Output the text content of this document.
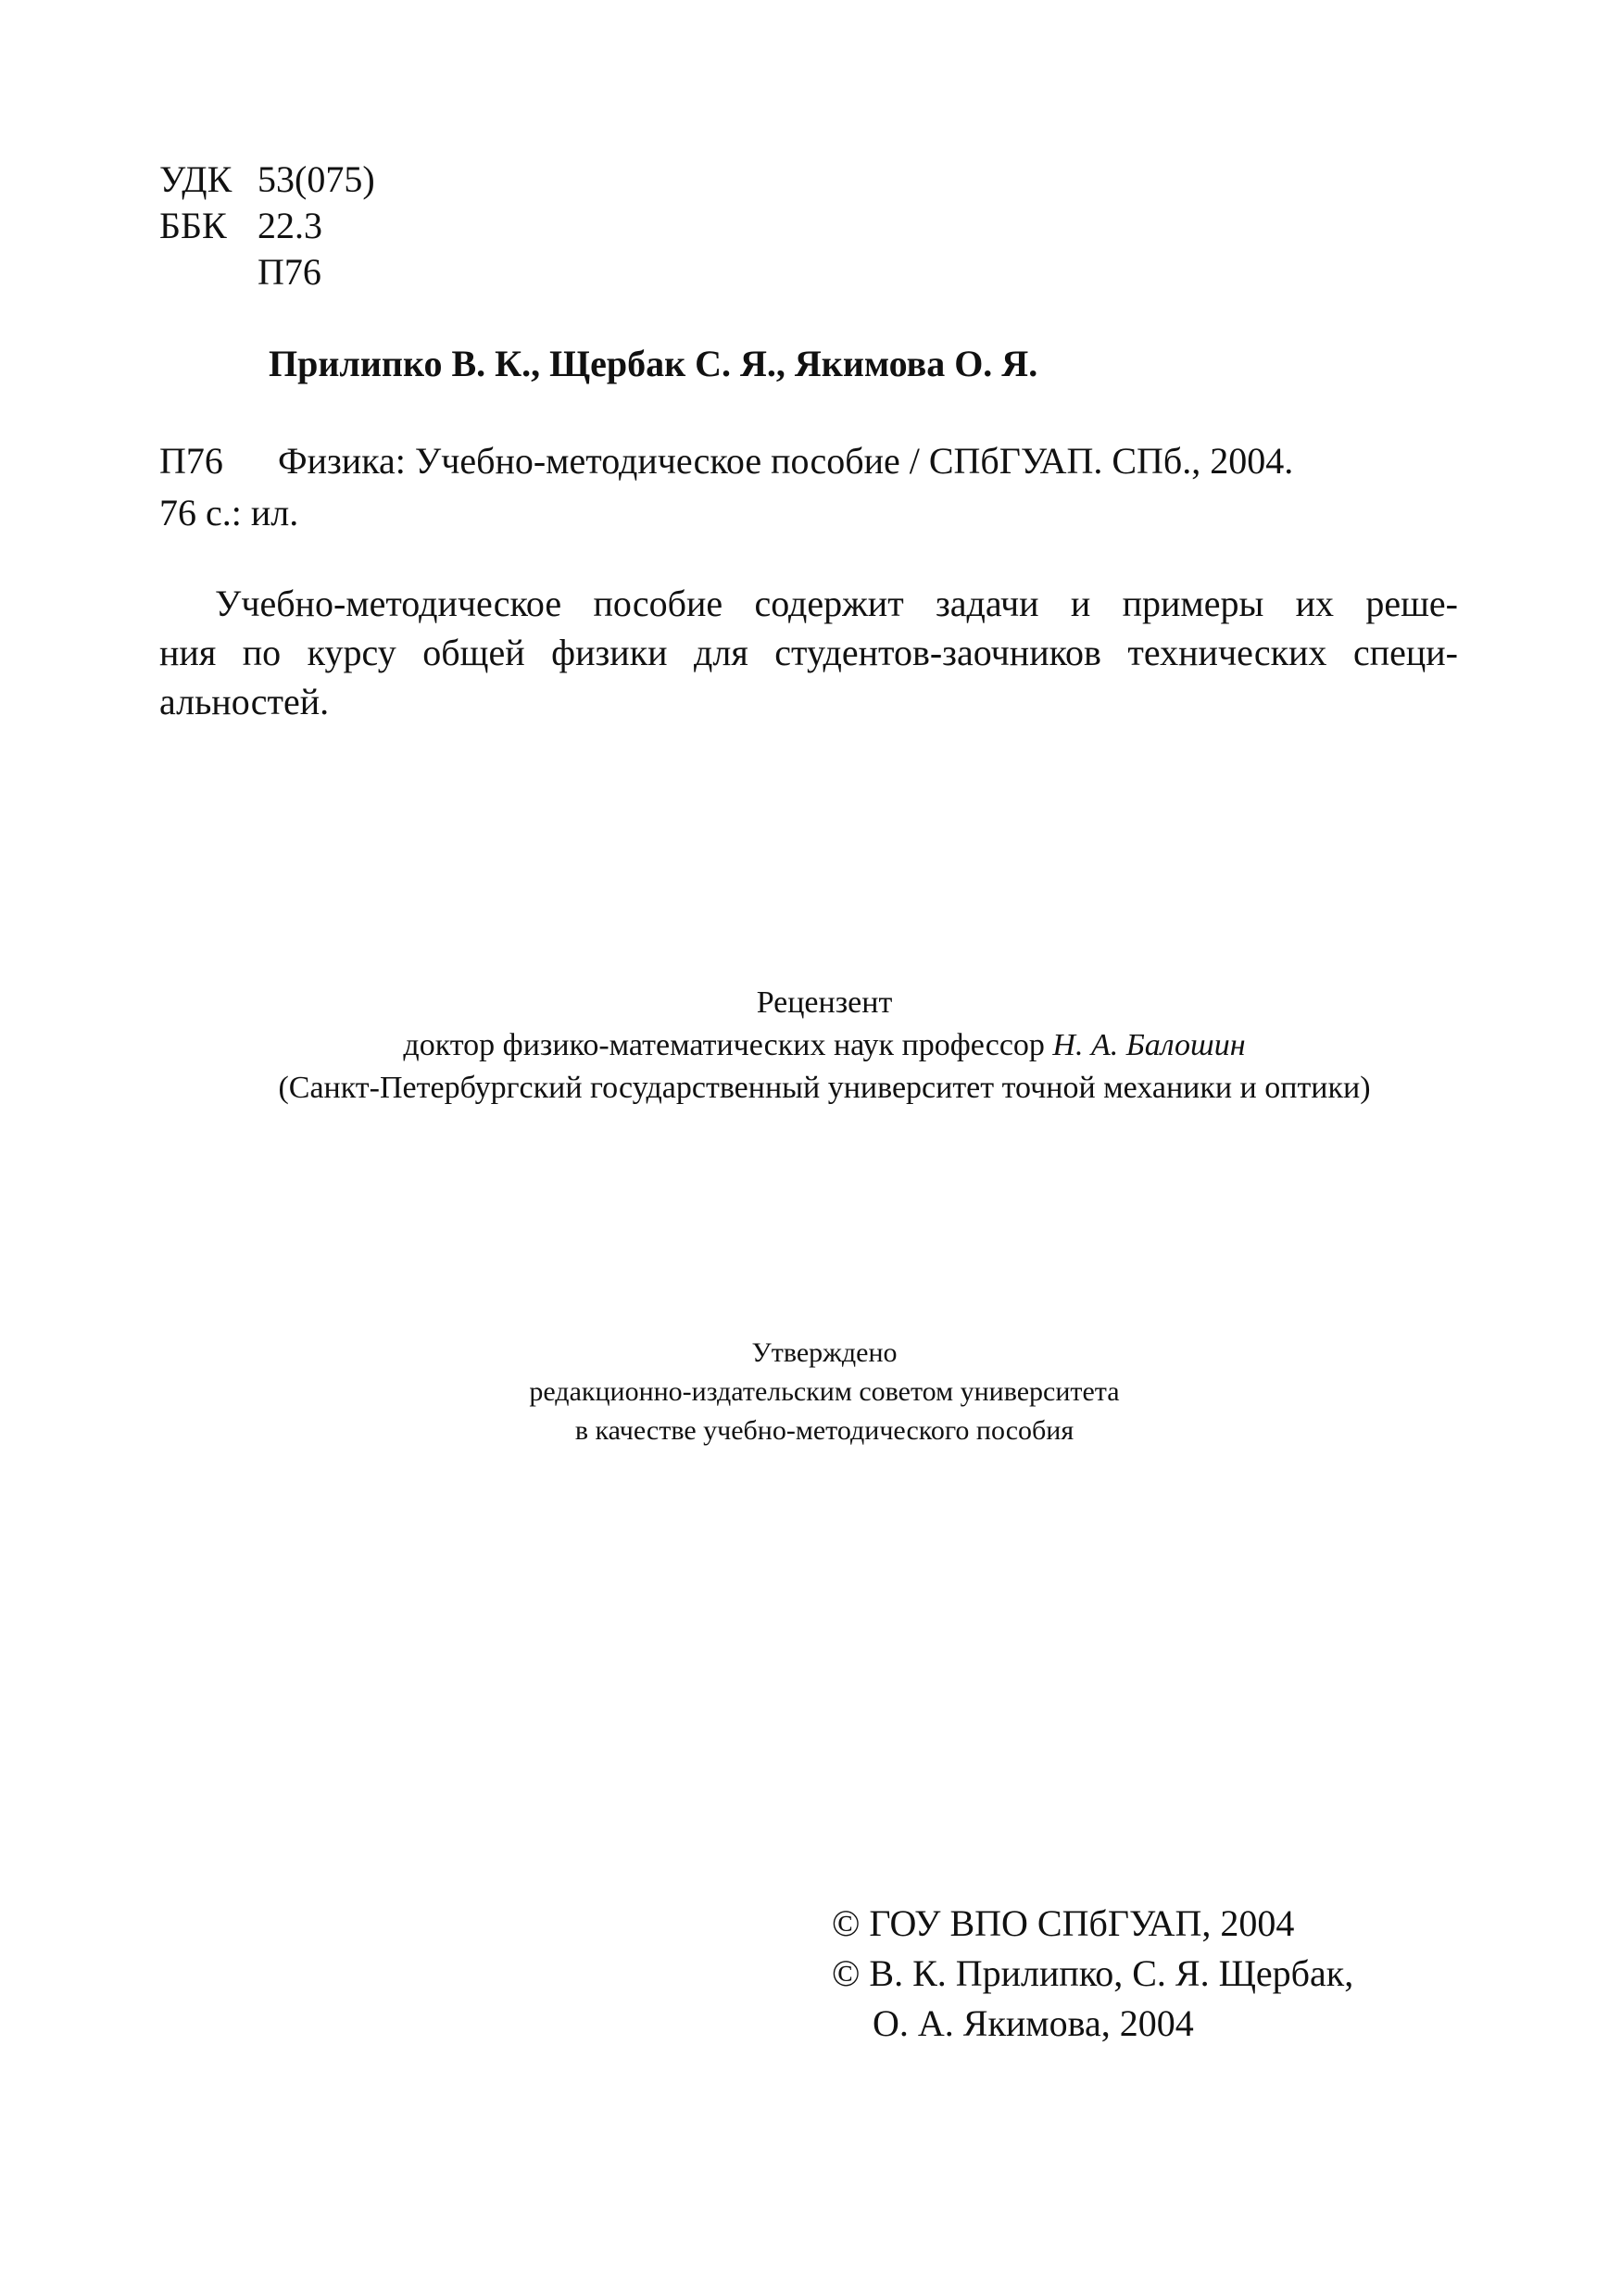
УДК 53(075)
ББК 22.3
П76
Прилипко В. К., Щербак С. Я., Якимова О. Я.
П76 Физика: Учебно-методическое пособие / СПбГУАП. СПб., 2004.
76 с.: ил.
Учебно-методическое пособие содержит задачи и примеры их реше-
ния по курсу общей физики для студентов-заочников технических специ-
альностей.
Рецензент
доктор физико-математических наук профессор Н. А. Балошин
(Санкт-Петербургский государственный университет точной механики и оптики)
Утверждено
редакционно-издательским советом университета
в качестве учебно-методического пособия
© ГОУ ВПО СПбГУАП, 2004
© В. К. Прилипко, С. Я. Щербак,
О. А. Якимова, 2004
